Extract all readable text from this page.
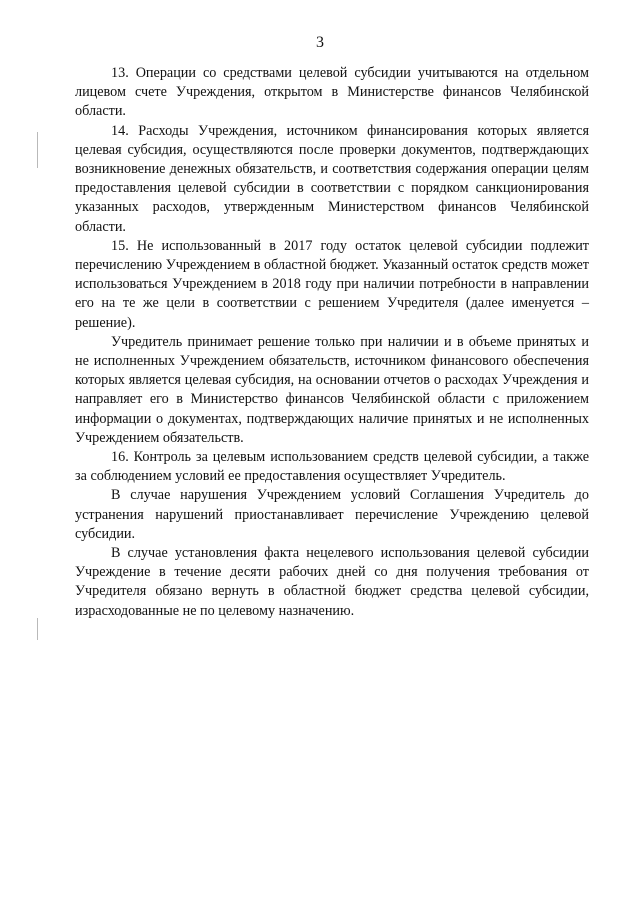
3

13. Операции со средствами целевой субсидии учитываются на отдельном лицевом счете Учреждения, открытом в Министерстве финансов Челябинской области.

14. Расходы Учреждения, источником финансирования которых является целевая субсидия, осуществляются после проверки документов, подтверждающих возникновение денежных обязательств, и соответствия содержания операции целям предоставления целевой субсидии в соответствии с порядком санкционирования указанных расходов, утвержденным Министерством финансов Челябинской области.

15. Не использованный в 2017 году остаток целевой субсидии подлежит перечислению Учреждением в областной бюджет. Указанный остаток средств может использоваться Учреждением в 2018 году при наличии потребности в направлении его на те же цели в соответствии с решением Учредителя (далее именуется – решение).

Учредитель принимает решение только при наличии и в объеме принятых и не исполненных Учреждением обязательств, источником финансового обеспечения которых является целевая субсидия, на основании отчетов о расходах Учреждения и направляет его в Министерство финансов Челябинской области с приложением информации о документах, подтверждающих наличие принятых и не исполненных Учреждением обязательств.

16. Контроль за целевым использованием средств целевой субсидии, а также за соблюдением условий ее предоставления осуществляет Учредитель.

В случае нарушения Учреждением условий Соглашения Учредитель до устранения нарушений приостанавливает перечисление Учреждению целевой субсидии.

В случае установления факта нецелевого использования целевой субсидии Учреждение в течение десяти рабочих дней со дня получения требования от Учредителя обязано вернуть в областной бюджет средства целевой субсидии, израсходованные не по целевому назначению.
